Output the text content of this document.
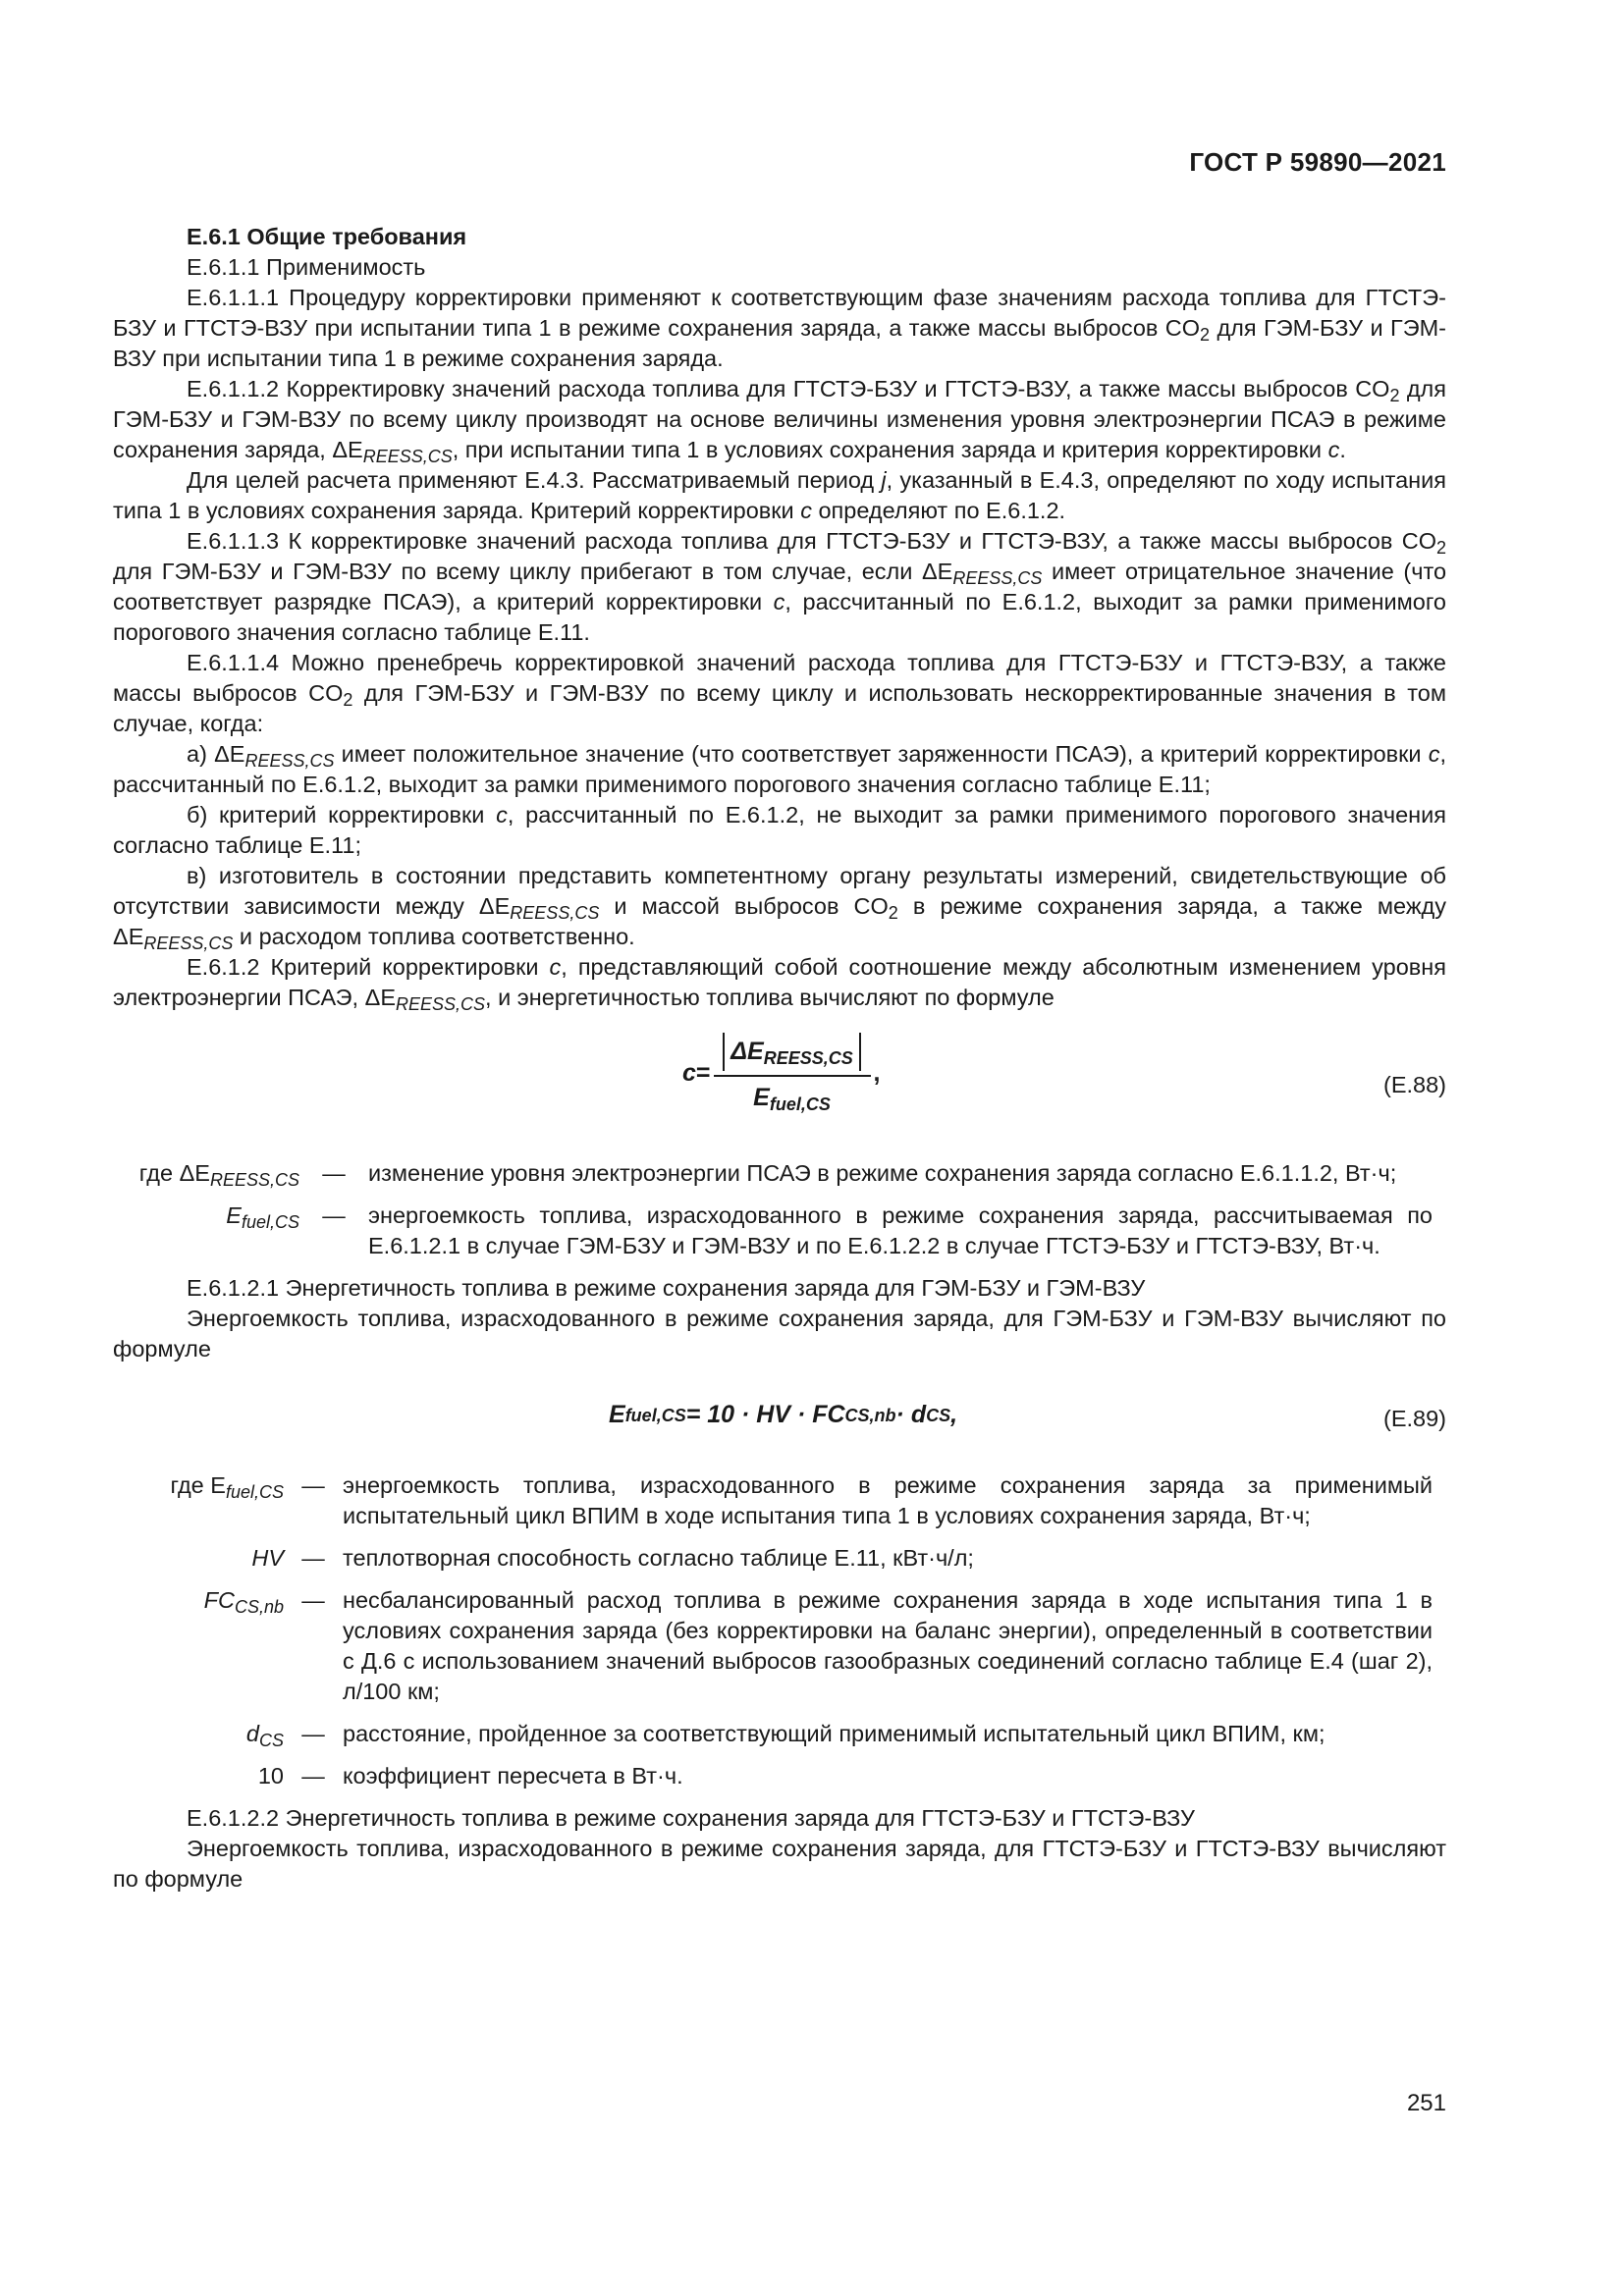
ГОСТ Р 59890—2021

Е.6.1 Общие требования

Е.6.1.1 Применимость

Е.6.1.1.1 Процедуру корректировки применяют к соответствующим фазе значениям расхода топлива для ГТСТЭ-БЗУ и ГТСТЭ-ВЗУ при испытании типа 1 в режиме сохранения заряда, а также массы выбросов $CO_2$ для ГЭМ-БЗУ и ГЭМ-ВЗУ при испытании типа 1 в режиме сохранения заряда.

Е.6.1.1.2 Корректировку значений расхода топлива для ГТСТЭ-БЗУ и ГТСТЭ-ВЗУ, а также массы выбросов $CO_2$ для ГЭМ-БЗУ и ГЭМ-ВЗУ по всему циклу производят на основе величины изменения уровня электроэнергии ПСАЭ в режиме сохранения заряда, $\Delta E_{REESS,CS}$, при испытании типа 1 в условиях сохранения заряда и критерия корректировки c.

Для целей расчета применяют Е.4.3. Рассматриваемый период j, указанный в Е.4.3, определяют по ходу испытания типа 1 в условиях сохранения заряда. Критерий корректировки c определяют по Е.6.1.2.

Е.6.1.1.3 К корректировке значений расхода топлива для ГТСТЭ-БЗУ и ГТСТЭ-ВЗУ, а также массы выбросов $CO_2$ для ГЭМ-БЗУ и ГЭМ-ВЗУ по всему циклу прибегают в том случае, если $\Delta E_{REESS,CS}$ имеет отрицательное значение (что соответствует разрядке ПСАЭ), а критерий корректировки c, рассчитанный по Е.6.1.2, выходит за рамки применимого порогового значения согласно таблице Е.11.

Е.6.1.1.4 Можно пренебречь корректировкой значений расхода топлива для ГТСТЭ-БЗУ и ГТСТЭ-ВЗУ, а также массы выбросов $CO_2$ для ГЭМ-БЗУ и ГЭМ-ВЗУ по всему циклу и использовать нескорректированные значения в том случае, когда:

а) $\Delta E_{REESS,CS}$ имеет положительное значение (что соответствует заряженности ПСАЭ), а критерий корректировки c, рассчитанный по Е.6.1.2, выходит за рамки применимого порогового значения согласно таблице Е.11;

б) критерий корректировки c, рассчитанный по Е.6.1.2, не выходит за рамки применимого порогового значения согласно таблице Е.11;

в) изготовитель в состоянии представить компетентному органу результаты измерений, свидетельствующие об отсутствии зависимости между $\Delta E_{REESS,CS}$ и массой выбросов $CO_2$ в режиме сохранения заряда, а также между $\Delta E_{REESS,CS}$ и расходом топлива соответственно.

Е.6.1.2 Критерий корректировки c, представляющий собой соотношение между абсолютным изменением уровня электроэнергии ПСАЭ, $\Delta E_{REESS,CS}$, и энергетичностью топлива вычисляют по формуле

$c = \frac{\Delta E_{REESS,CS}}{E_{fuel,CS}}$ ,	(Е.88)
где $\Delta E_{REESS,CS}$	—	изменение уровня электроэнергии ПСАЭ в режиме сохранения заряда согласно Е.6.1.1.2, Вт·ч;
$E_{fuel,CS}$	—	энергоемкость топлива, израсходованного в режиме сохранения заряда, рассчитываемая по Е.6.1.2.1 в случае ГЭМ-БЗУ и ГЭМ-ВЗУ и по Е.6.1.2.2 в случае ГТСТЭ-БЗУ и ГТСТЭ-ВЗУ, Вт·ч.

Е.6.1.2.1 Энергетичность топлива в режиме сохранения заряда для ГЭМ-БЗУ и ГЭМ-ВЗУ

Энергоемкость топлива, израсходованного в режиме сохранения заряда, для ГЭМ-БЗУ и ГЭМ-ВЗУ вычисляют по формуле

E fuel,CS = 10 · HV · FC CS,nb · d CS ,	(Е.89)
где $E_{fuel,CS}$	—	энергоемкость топлива, израсходованного в режиме сохранения заряда за применимый испытательный цикл ВПИМ в ходе испытания типа 1 в условиях сохранения заряда, Вт·ч;
HV	—	теплотворная способность согласно таблице Е.11, кВт·ч/л;
$FC_{CS,nb}$	—	несбалансированный расход топлива в режиме сохранения заряда в ходе испытания типа 1 в условиях сохранения заряда (без корректировки на баланс энергии), определенный в соответствии с Д.6 с использованием значений выбросов газообразных соединений согласно таблице Е.4 (шаг 2), л/100 км;
$d_{CS}$	—	расстояние, пройденное за соответствующий применимый испытательный цикл ВПИМ, км;
10	—	коэффициент пересчета в Вт·ч.

Е.6.1.2.2 Энергетичность топлива в режиме сохранения заряда для ГТСТЭ-БЗУ и ГТСТЭ-ВЗУ

Энергоемкость топлива, израсходованного в режиме сохранения заряда, для ГТСТЭ-БЗУ и ГТСТЭ-ВЗУ вычисляют по формуле

251
